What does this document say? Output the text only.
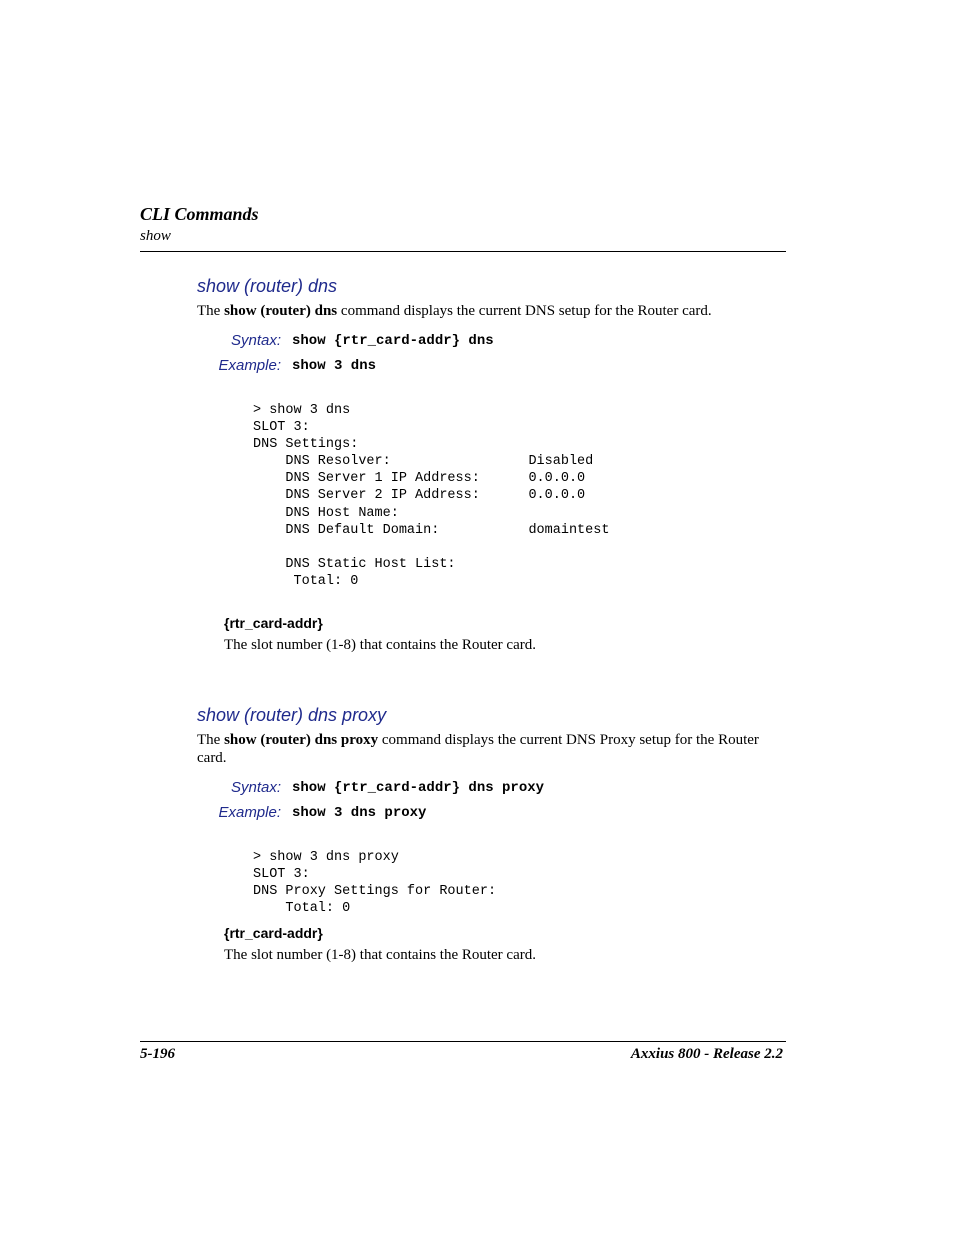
CLI Commands
show
show (router) dns
The show (router) dns command displays the current DNS setup for the Router card.
Syntax: show {rtr_card-addr} dns
Example: show 3 dns
> show 3 dns
SLOT 3:
DNS Settings:
DNS Resolver:                 Disabled
DNS Server 1 IP Address:      0.0.0.0
DNS Server 2 IP Address:      0.0.0.0
DNS Host Name:
DNS Default Domain:           domaintest

DNS Static Host List:
Total: 0
{rtr_card-addr}
The slot number (1-8) that contains the Router card.
show (router) dns proxy
The show (router) dns proxy command displays the current DNS Proxy setup for the Router card.
Syntax: show {rtr_card-addr} dns proxy
Example: show 3 dns proxy
> show 3 dns proxy
SLOT 3:
DNS Proxy Settings for Router:
Total: 0
{rtr_card-addr}
The slot number (1-8) that contains the Router card.
5-196	Axxius 800 - Release 2.2
